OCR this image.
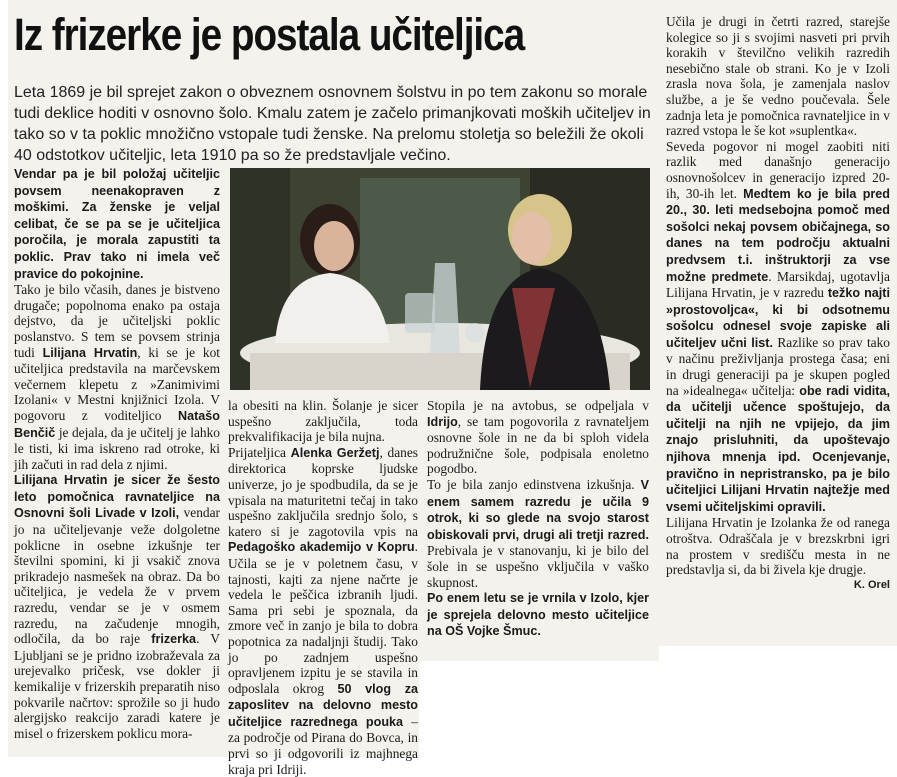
Iz frizerke je postala učiteljica

Leta 1869 je bil sprejet zakon o obveznem osnovnem šolstvu in po tem zakonu so morale tudi deklice hoditi v osnovno šolo. Kmalu zatem je začelo primanjkovati moških učiteljev in tako so v ta poklic množično vstopale tudi ženske. Na prelomu stoletja so beležili že okoli 40 odstotkov učiteljic, leta 1910 pa so že predstavljale večino.

Vendar pa je bil položaj učiteljic povsem neenakopraven z moškimi. Za ženske je veljal celibat, če se pa se je učiteljica poročila, je morala zapustiti ta poklic. Prav tako ni imela več pravice do pokojnine.

Tako je bilo včasih, danes je bistveno drugače; popolnoma enako pa ostaja dejstvo, da je učiteljski poklic poslanstvo. S tem se povsem strinja tudi Lilijana Hrvatin, ki se je kot učiteljica predstavila na marčevskem večernem klepetu z »Zanimivimi Izolani« v Mestni knjižnici Izola. V pogovoru z voditeljico Natašo Benčič je dejala, da je učitelj je lahko le tisti, ki ima iskreno rad otroke, ki jih začuti in rad dela z njimi.

Lilijana Hrvatin je sicer že šesto leto pomočnica ravnateljice na Osnovni šoli Livade v Izoli, vendar jo na učiteljevanje veže dolgoletne poklicne in osebne izkušnje ter številni spomini, ki ji vsakič znova prikradejo nasmešek na obraz. Da bo učiteljica, je vedela že v prvem razredu, vendar se je v osmem razredu, na začudenje mnogih, odločila, da bo raje frizerka. V Ljubljani se je pridno izobraževala za urejevalko pričesk, vse dokler ji kemikalije v frizerskih preparatih niso pokvarile načrtov: sprožile so ji hudo alergijsko reakcijo zaradi katere je misel o frizerskem poklicu mora-

la obesiti na klin. Šolanje je sicer uspešno zaključila, toda prekvalifikacija je bila nujna.

Prijateljica Alenka Geržetj, danes direktorica koprske ljudske univerze, jo je spodbudila, da se je vpisala na maturitetni tečaj in tako uspešno zaključila srednjo šolo, s katero si je zagotovila vpis na Pedagoško akademijo v Kopru. Učila se je v poletnem času, v tajnosti, kajti za njene načrte je vedela le peščica izbranih ljudi. Sama pri sebi je spoznala, da zmore več in zanjo je bila to dobra popotnica za nadaljnji študij. Tako jo po zadnjem uspešno opravljenem izpitu je se stavila in odposlala okrog 50 vlog za zaposlitev na delovno mesto učiteljice razrednega pouka – za področje od Pirana do Bovca, in prvi so ji odgovorili iz majhnega kraja pri Idriji.

Stopila je na avtobus, se odpeljala v Idrijo, se tam pogovorila z ravnateljem osnovne šole in ne da bi sploh videla podružnične šole, podpisala enoletno pogodbo.

To je bila zanjo edinstvena izkušnja. V enem samem razredu je učila 9 otrok, ki so glede na svojo starost obiskovali prvi, drugi ali tretji razred. Prebivala je v stanovanju, ki je bilo del šole in se uspešno vključila v vaško skupnost.

Po enem letu se je vrnila v Izolo, kjer je sprejela delovno mesto učiteljice na OŠ Vojke Šmuc.

Učila je drugi in četrti razred, starejše kolegice so ji s svojimi nasveti pri prvih korakih v številčno velikih razredih nesebično stale ob strani. Ko je v Izoli zrasla nova šola, je zamenjala naslov službe, a je še vedno poučevala. Šele zadnja leta je pomočnica ravnateljice in v razred vstopa le še kot »suplentka«.

Seveda pogovor ni mogel zaobiti niti razlik med današnjo generacijo osnovnošolcev in generacijo izpred 20-ih, 30-ih let. Medtem ko je bila pred 20., 30. leti medsebojna pomoč med sošolci nekaj povsem običajnega, so danes na tem področju aktualni predvsem t.i. inštruktorji za vse možne predmete. Marsikdaj, ugotavlja Lilijana Hrvatin, je v razredu težko najti »prostovoljca«, ki bi odsotnemu sošolcu odnesel svoje zapiske ali učiteljev učni list. Razlike so prav tako v načinu preživljanja prostega časa; eni in drugi generaciji pa je skupen pogled na »idealnega« učitelja: obe radi vidita, da učitelji učence spoštujejo, da učitelji na njih ne vpijejo, da jim znajo prisluhniti, da upoštevajo njihova mnenja ipd. Ocenjevanje, pravično in nepristransko, pa je bilo učiteljici Lilijani Hrvatin najtežje med vsemi učiteljskimi opravili.

Lilijana Hrvatin je Izolanka že od ranega otroštva. Odraščala je v brezskrbni igri na prostem v središču mesta in ne predstavlja si, da bi živela kje drugje.
K. Orel
